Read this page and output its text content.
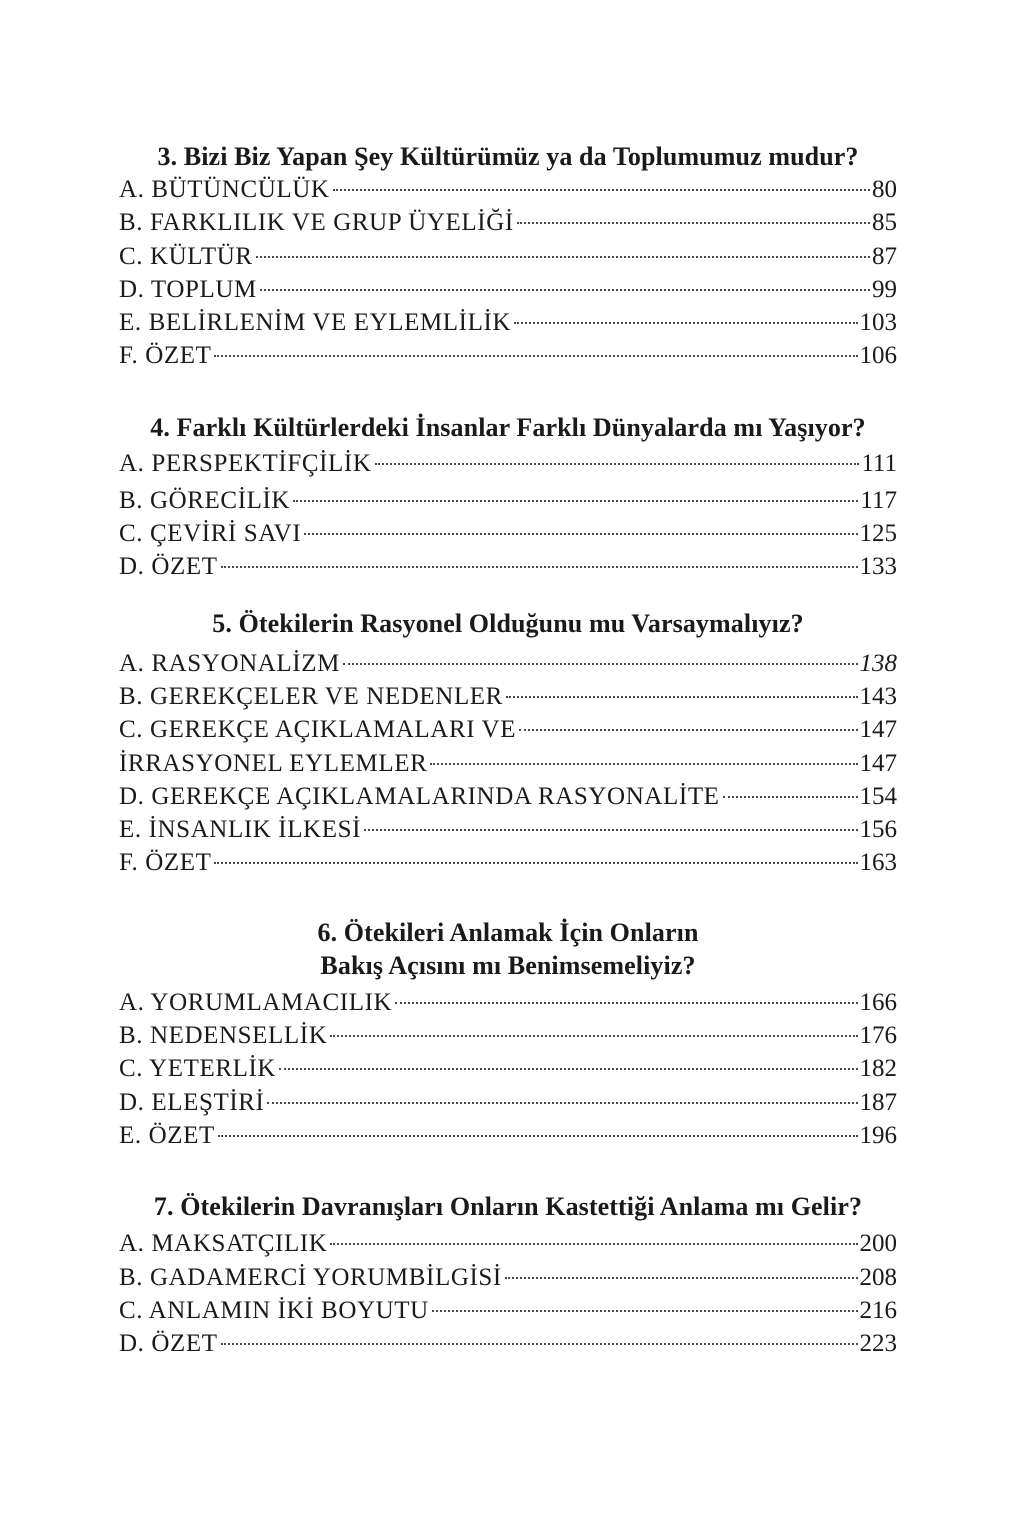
3. Bizi Biz Yapan Şey Kültürümüz ya da Toplumumuz mudur?
A. BÜTÜNCÜLÜK	80
B. FARKLILIK VE GRUP ÜYELİĞİ	85
C. KÜLTÜR	87
D. TOPLUM	99
E. BELİRLENİM VE EYLEMLİLİK	103
F. ÖZET	106
4. Farklı Kültürlerdeki İnsanlar Farklı Dünyalarda mı Yaşıyor?
A. PERSPEKTİFÇİLİK	111
B. GÖRECİLİK	117
C. ÇEVİRİ SAVI	125
D. ÖZET	133
5. Ötekilerin Rasyonel Olduğunu mu Varsaymalıyız?
A. RASYONALİZM	138
B. GEREKÇELER VE NEDENLER	143
C. GEREKÇE AÇIKLAMALARI VE	147
İRRASYONEL EYLEMLER	147
D. GEREKÇE AÇIKLAMALARINDA RASYONALİTE	154
E. İNSANLIK İLKESİ	156
F. ÖZET	163
6. Ötekileri Anlamak İçin Onların
Bakış Açısını mı Benimsemeliyiz?
A. YORUMLAMACILIK	166
B. NEDENSELLİK	176
C. YETERLİK	182
D. ELEŞTİRİ	187
E. ÖZET	196
7. Ötekilerin Davranışları Onların Kastettiği Anlama mı Gelir?
A. MAKSATÇILIK	200
B. GADAMERCİ YORUMBİLGİSİ	208
C. ANLAMIN İKİ BOYUTU	216
D. ÖZET	223
